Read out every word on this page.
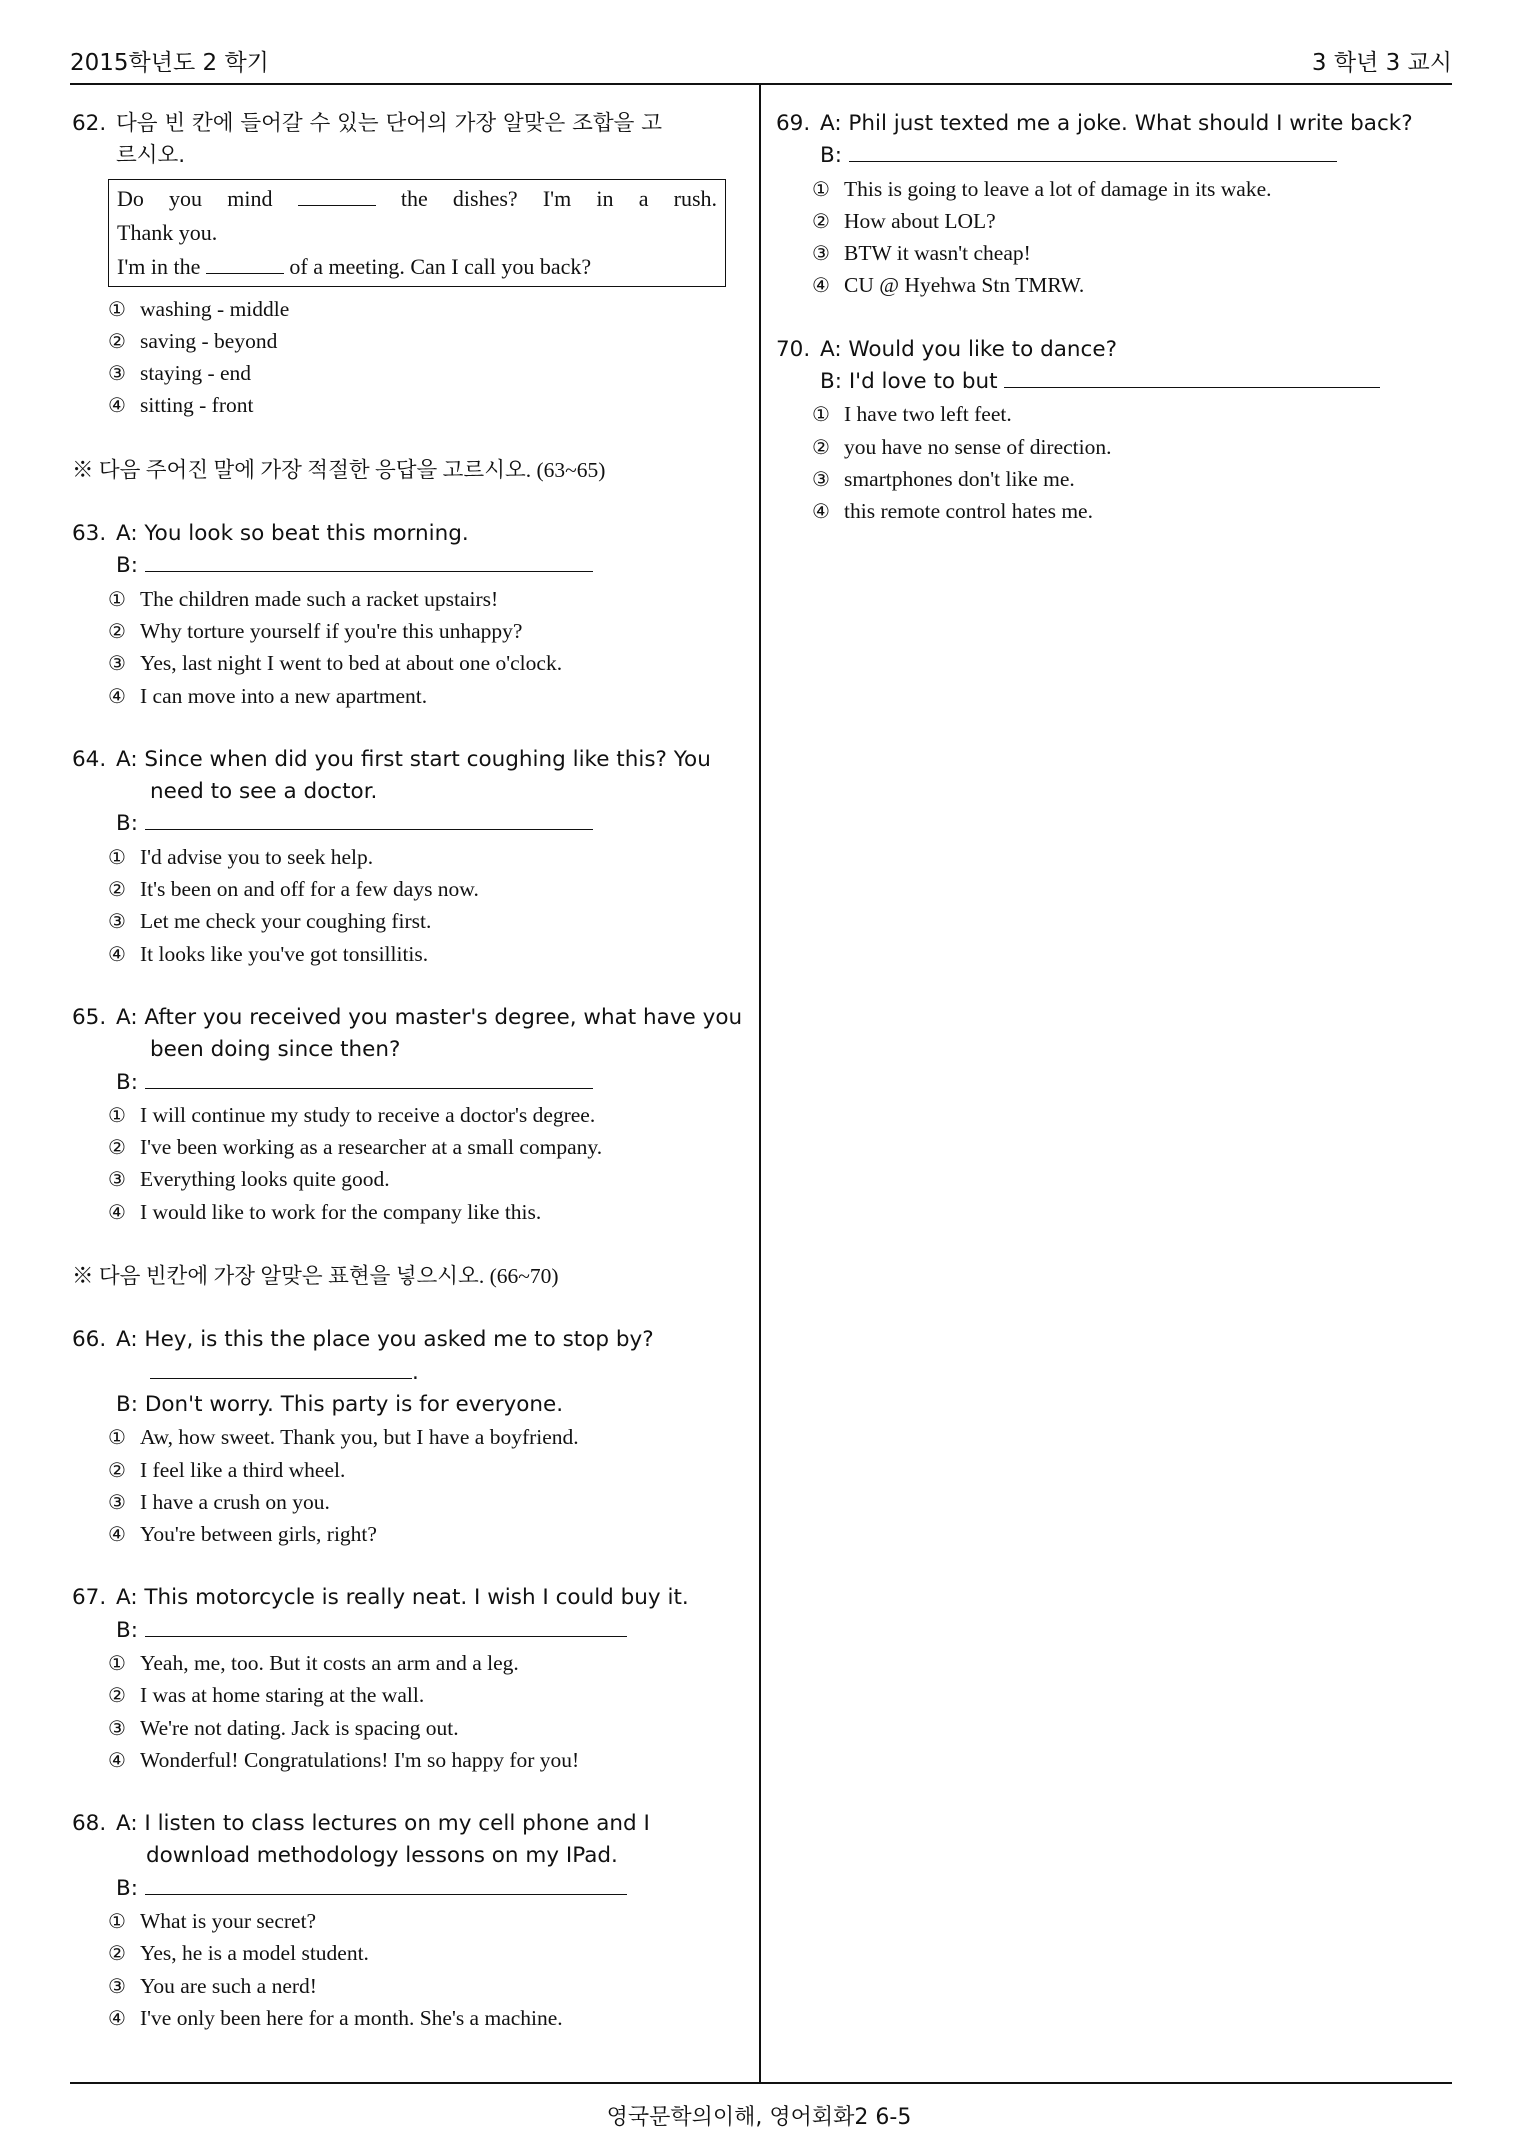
2015학년도 2 학기	3 학년 3 교시
영국문학의이해, 영어회화2 6-5
62. 다음 빈 칸에 들어갈 수 있는 단어의 가장 알맞은 조합을 고
르시오.
Do you mind	the dishes? I'm in a rush.
Thank you.
I'm in the	of a meeting. Can I call you back?
① washing - middle
② saving - beyond
③ staying - end
④ sitting - front
※ 다음 주어진 말에 가장 적절한 응답을 고르시오. (63~65)
63. A: You look so beat this morning.
B:
① The children made such a racket upstairs!
② Why torture yourself if you're this unhappy?
③ Yes, last night I went to bed at about one o'clock.
④ I can move into a new apartment.
64. A: Since when did you first start coughing like this? You
need to see a doctor.
B:
① I'd advise you to seek help.
② It's been on and off for a few days now.
③ Let me check your coughing first.
④ It looks like you've got tonsillitis.
65. A: After you received you master's degree, what have you
been doing since then?
B:
① I will continue my study to receive a doctor's degree.
② I've been working as a researcher at a small company.
③ Everything looks quite good.
④ I would like to work for the company like this.
※ 다음 빈칸에 가장 알맞은 표현을 넣으시오. (66~70)
66. A: Hey, is this the place you asked me to stop by?
.
B: Don't worry. This party is for everyone.
① Aw, how sweet. Thank you, but I have a boyfriend.
② I feel like a third wheel.
③ I have a crush on you.
④ You're between girls, right?
67. A: This motorcycle is really neat. I wish I could buy it.
B:
① Yeah, me, too. But it costs an arm and a leg.
② I was at home staring at the wall.
③ We're not dating. Jack is spacing out.
④ Wonderful! Congratulations! I'm so happy for you!
68. A: I listen to class lectures on my cell phone and I
download methodology lessons on my IPad.
B:
① What is your secret?
② Yes, he is a model student.
③ You are such a nerd!
④ I've only been here for a month. She's a machine.
69. A: Phil just texted me a joke. What should I write back?
B:
① This is going to leave a lot of damage in its wake.
② How about LOL?
③ BTW it wasn't cheap!
④ CU @ Hyehwa Stn TMRW.
70. A: Would you like to dance?
B: I'd love to but
① I have two left feet.
② you have no sense of direction.
③ smartphones don't like me.
④ this remote control hates me.
